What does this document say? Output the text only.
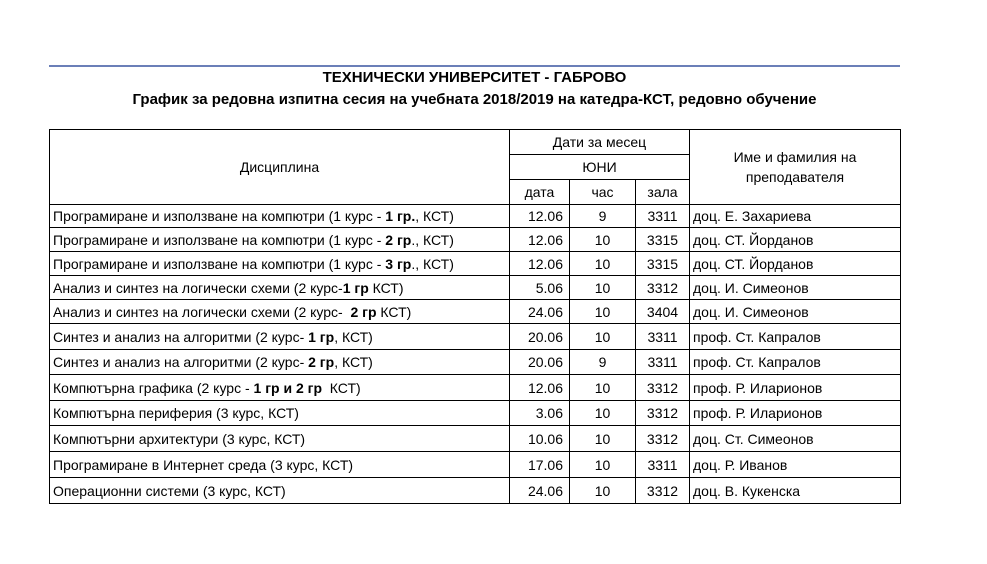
ТЕХНИЧЕСКИ УНИВЕРСИТЕТ - ГАБРОВО
График за редовна изпитна сесия на учебната 2018/2019 на катедра-КСТ, редовно обучение

Дисциплина	Дати за месец			Име и фамилия на преподавателя
	ЮНИ			
	дата	час	зала	
Програмиране и използване на компютри (1 курс - 1 гр., КСТ)	12.06	9	3311	доц. Е. Захариева
Програмиране и използване на компютри (1 курс - 2 гр., КСТ)	12.06	10	3315	доц. СТ. Йорданов
Програмиране и използване на компютри (1 курс - 3 гр., КСТ)	12.06	10	3315	доц. СТ. Йорданов
Анализ и синтез на логически схеми (2 курс-1 гр КСТ)	5.06	10	3312	доц. И. Симеонов
Анализ и синтез на логически схеми (2 курс-  2 гр КСТ)	24.06	10	3404	доц. И. Симеонов
Синтез и анализ на алгоритми (2 курс- 1 гр, КСТ)	20.06	10	3311	проф. Ст. Капралов
Синтез и анализ на алгоритми (2 курс- 2 гр, КСТ)	20.06	9	3311	проф. Ст. Капралов
Компютърна графика (2 курс - 1 гр и 2 гр  КСТ)	12.06	10	3312	проф. Р. Иларионов
Компютърна периферия (3 курс, КСТ)	3.06	10	3312	проф. Р. Иларионов
Компютърни архитектури (3 курс, КСТ)	10.06	10	3312	доц. Ст. Симеонов
Програмиране в Интернет среда (3 курс, КСТ)	17.06	10	3311	доц. Р. Иванов
Операционни системи (3 курс, КСТ)	24.06	10	3312	доц. В. Кукенска
